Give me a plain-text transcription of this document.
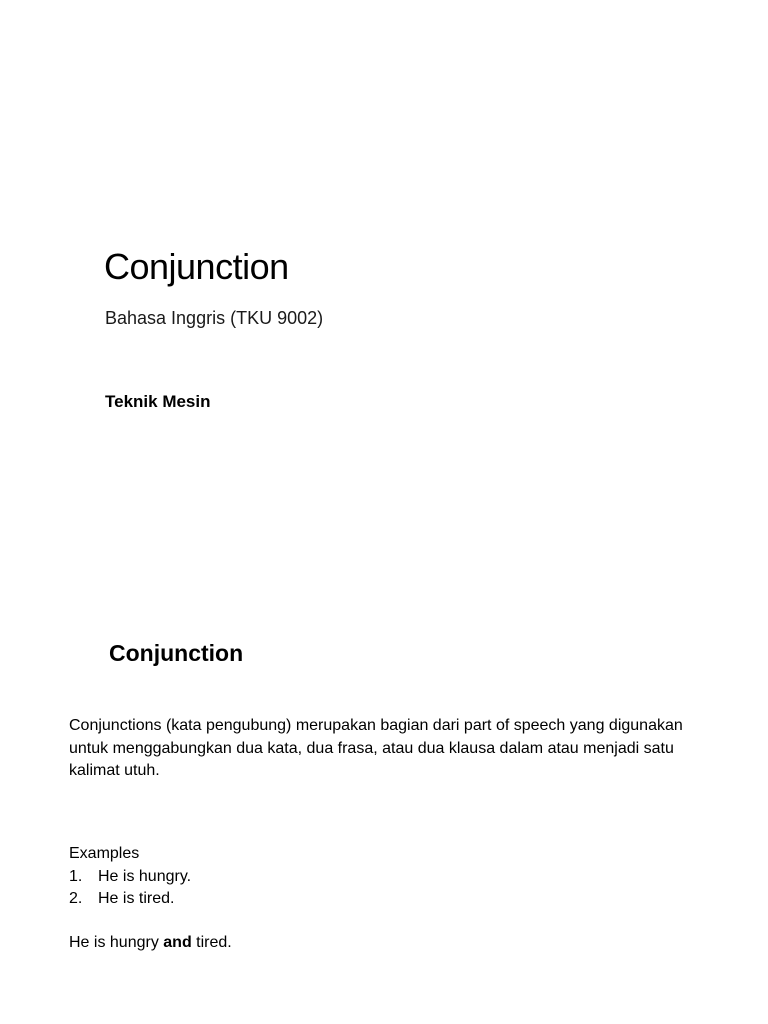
Conjunction

Bahasa Inggris (TKU 9002)

Teknik Mesin

Conjunction

Conjunctions (kata pengubung) merupakan bagian dari part of speech yang digunakan untuk menggabungkan dua kata, dua frasa, atau dua klausa dalam atau menjadi satu kalimat utuh.

Examples
1. He is hungry.
2. He is tired.

He is hungry and tired.
